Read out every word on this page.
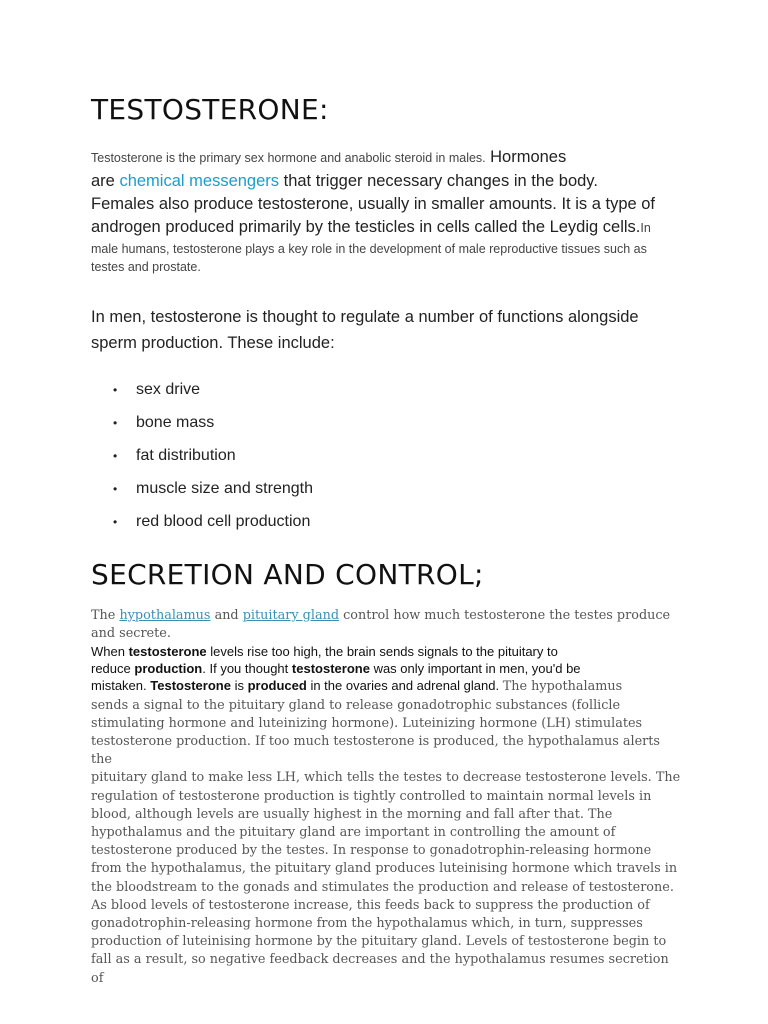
TESTOSTERONE:
Testosterone is the primary sex hormone and anabolic steroid in males. Hormones
are chemical messengers that trigger necessary changes in the body.
Females also produce testosterone, usually in smaller amounts. It is a type of
androgen produced primarily by the testicles in cells called the Leydig cells.In
male humans, testosterone plays a key role in the development of male reproductive tissues such as
testes and prostate.
In men, testosterone is thought to regulate a number of functions alongside
sperm production. These include:
• sex drive
• bone mass
• fat distribution
• muscle size and strength
• red blood cell production
SECRETION AND CONTROL;
The hypothalamus and pituitary gland control how much testosterone the testes produce
and secrete.
When testosterone levels rise too high, the brain sends signals to the pituitary to
reduce production. If you thought testosterone was only important in men, you'd be
mistaken. Testosterone is produced in the ovaries and adrenal gland. The hypothalamus
sends a signal to the pituitary gland to release gonadotrophic substances (follicle
stimulating hormone and luteinizing hormone). Luteinizing hormone (LH) stimulates
testosterone production. If too much testosterone is produced, the hypothalamus alerts the
pituitary gland to make less LH, which tells the testes to decrease testosterone levels. The
regulation of testosterone production is tightly controlled to maintain normal levels in
blood, although levels are usually highest in the morning and fall after that. The
hypothalamus and the pituitary gland are important in controlling the amount of
testosterone produced by the testes. In response to gonadotrophin-releasing hormone
from the hypothalamus, the pituitary gland produces luteinising hormone which travels in
the bloodstream to the gonads and stimulates the production and release of testosterone.
As blood levels of testosterone increase, this feeds back to suppress the production of
gonadotrophin-releasing hormone from the hypothalamus which, in turn, suppresses
production of luteinising hormone by the pituitary gland. Levels of testosterone begin to
fall as a result, so negative feedback decreases and the hypothalamus resumes secretion of
